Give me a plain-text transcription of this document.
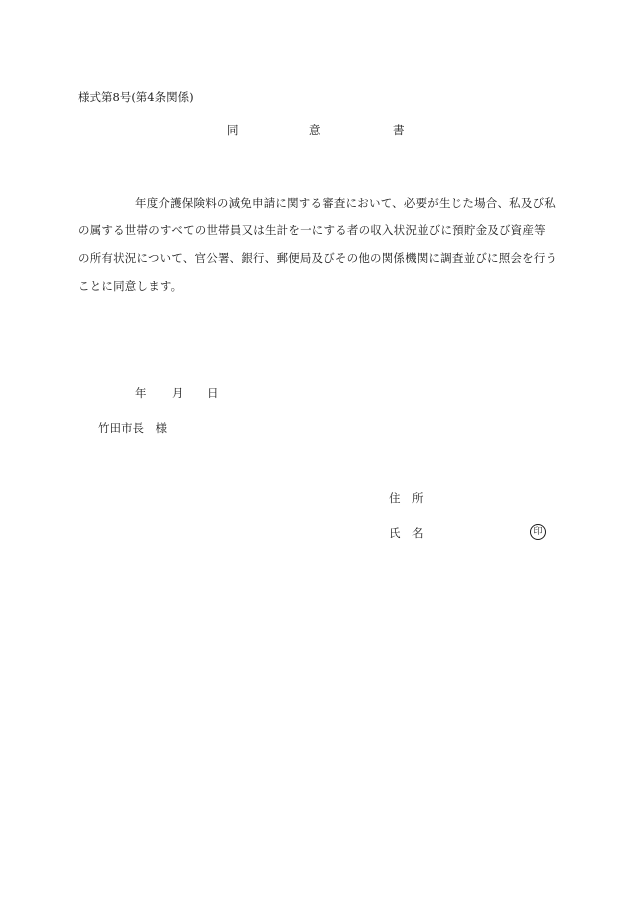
様式第8号(第4条関係)
同	意	書
年度介護保険料の減免申請に関する審査において、必要が生じた場合、私及び私
の属する世帯のすべての世帯員又は生計を一にする者の収入状況並びに預貯金及び資産等
の所有状況について、官公署、銀行、郵便局及びその他の関係機関に調査並びに照会を行う
ことに同意します。
年 月 日
竹田市長　様
住　所
氏　名	印
